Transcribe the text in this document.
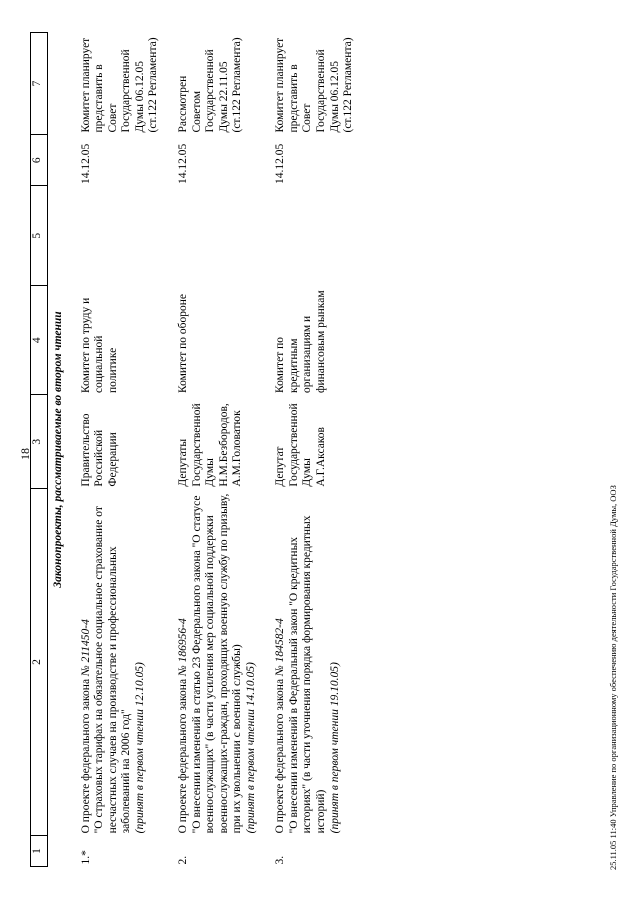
18
1	2	3	4	5	6	7
Законопроекты, рассматриваемые во втором чтении						
1.*	О проекте федерального закона № 211450-4 "О страховых тарифах на обязательное социальное страхование от несчастных случаев на производстве и профессиональных заболеваний на 2006 год" (принят в первом чтении 12.10.05)	Правительство Российской Федерации	Комитет по труду и социальной политике		14.12.05	Комитет планирует представить в Совет Государственной Думы 06.12.05 (ст.122 Регламента)
2.	О проекте федерального закона № 186956-4 "О внесении изменений в статью 23 Федерального закона "О статусе военнослужащих" (в части усиления мер социальной поддержки военнослужащих-граждан, проходящих военную службу по призыву, при их увольнении с военной службы) (принят в первом чтении 14.10.05)	Депутаты Государственной Думы Н.М.Безбородов, А.М.Головатюк	Комитет по обороне		14.12.05	Рассмотрен Советом Государственной Думы 22.11.05 (ст.122 Регламента)
3.	О проекте федерального закона № 184582-4 "О внесении изменений в Федеральный закон "О кредитных историях" (в части уточнения порядка формирования кредитных историй) (принят в первом чтении 19.10.05)	Депутат Государственной Думы А.Г.Аксаков	Комитет по кредитным организациям и финансовым рынкам		14.12.05	Комитет планирует представить в Совет Государственной Думы 06.12.05 (ст.122 Регламента)
25.11.05 11:40 Управление по организационному обеспечению деятельности Государственной Думы, ООЗ
